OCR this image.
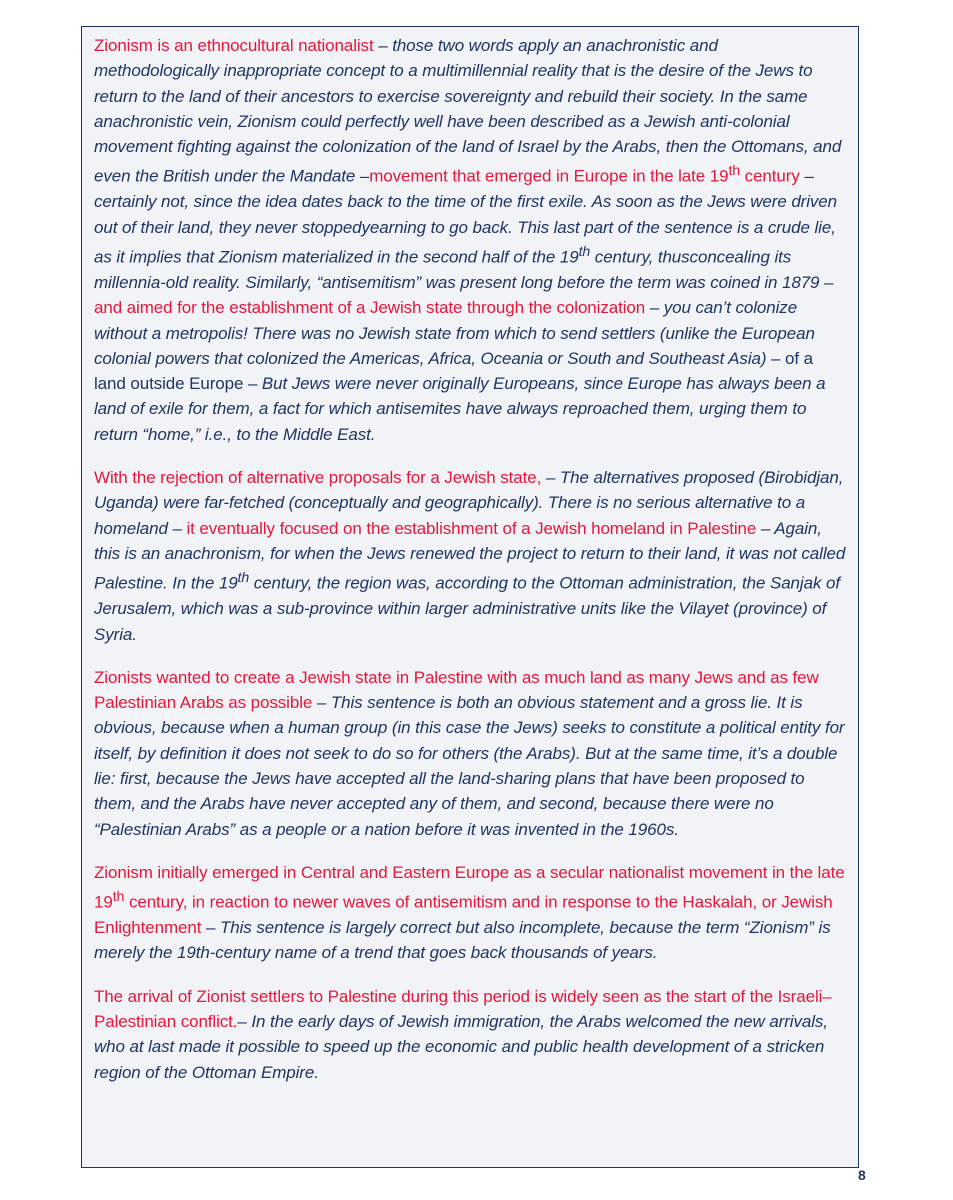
Zionism is an ethnocultural nationalist – those two words apply an anachronistic and methodologically inappropriate concept to a multimillennial reality that is the desire of the Jews to return to the land of their ancestors to exercise sovereignty and rebuild their society. In the same anachronistic vein, Zionism could perfectly well have been described as a Jewish anti-colonial movement fighting against the colonization of the land of Israel by the Arabs, then the Ottomans, and even the British under the Mandate –movement that emerged in Europe in the late 19th century – certainly not, since the idea dates back to the time of the first exile. As soon as the Jews were driven out of their land, they never stoppedyearning to go back. This last part of the sentence is a crude lie, as it implies that Zionism materialized in the second half of the 19th century, thusconcealing its millennia-old reality. Similarly, “antisemitism” was present long before the term was coined in 1879 – and aimed for the establishment of a Jewish state through the colonization – you can’t colonize without a metropolis! There was no Jewish state from which to send settlers (unlike the European colonial powers that colonized the Americas, Africa, Oceania or South and Southeast Asia) – of a land outside Europe – But Jews were never originally Europeans, since Europe has always been a land of exile for them, a fact for which antisemites have always reproached them, urging them to return “home,” i.e., to the Middle East.

With the rejection of alternative proposals for a Jewish state, – The alternatives proposed (Birobidjan, Uganda) were far-fetched (conceptually and geographically). There is no serious alternative to a homeland – it eventually focused on the establishment of a Jewish homeland in Palestine – Again, this is an anachronism, for when the Jews renewed the project to return to their land, it was not called Palestine. In the 19th century, the region was, according to the Ottoman administration, the Sanjak of Jerusalem, which was a sub-province within larger administrative units like the Vilayet (province) of Syria.

Zionists wanted to create a Jewish state in Palestine with as much land as many Jews and as few Palestinian Arabs as possible – This sentence is both an obvious statement and a gross lie. It is obvious, because when a human group (in this case the Jews) seeks to constitute a political entity for itself, by definition it does not seek to do so for others (the Arabs). But at the same time, it’s a double lie: first, because the Jews have accepted all the land-sharing plans that have been proposed to them, and the Arabs have never accepted any of them, and second, because there were no “Palestinian Arabs” as a people or a nation before it was invented in the 1960s.

Zionism initially emerged in Central and Eastern Europe as a secular nationalist movement in the late 19th century, in reaction to newer waves of antisemitism and in response to the Haskalah, or Jewish Enlightenment – This sentence is largely correct but also incomplete, because the term “Zionism” is merely the 19th-century name of a trend that goes back thousands of years.

The arrival of Zionist settlers to Palestine during this period is widely seen as the start of the Israeli–Palestinian conflict.– In the early days of Jewish immigration, the Arabs welcomed the new arrivals, who at last made it possible to speed up the economic and public health development of a stricken region of the Ottoman Empire.

8
